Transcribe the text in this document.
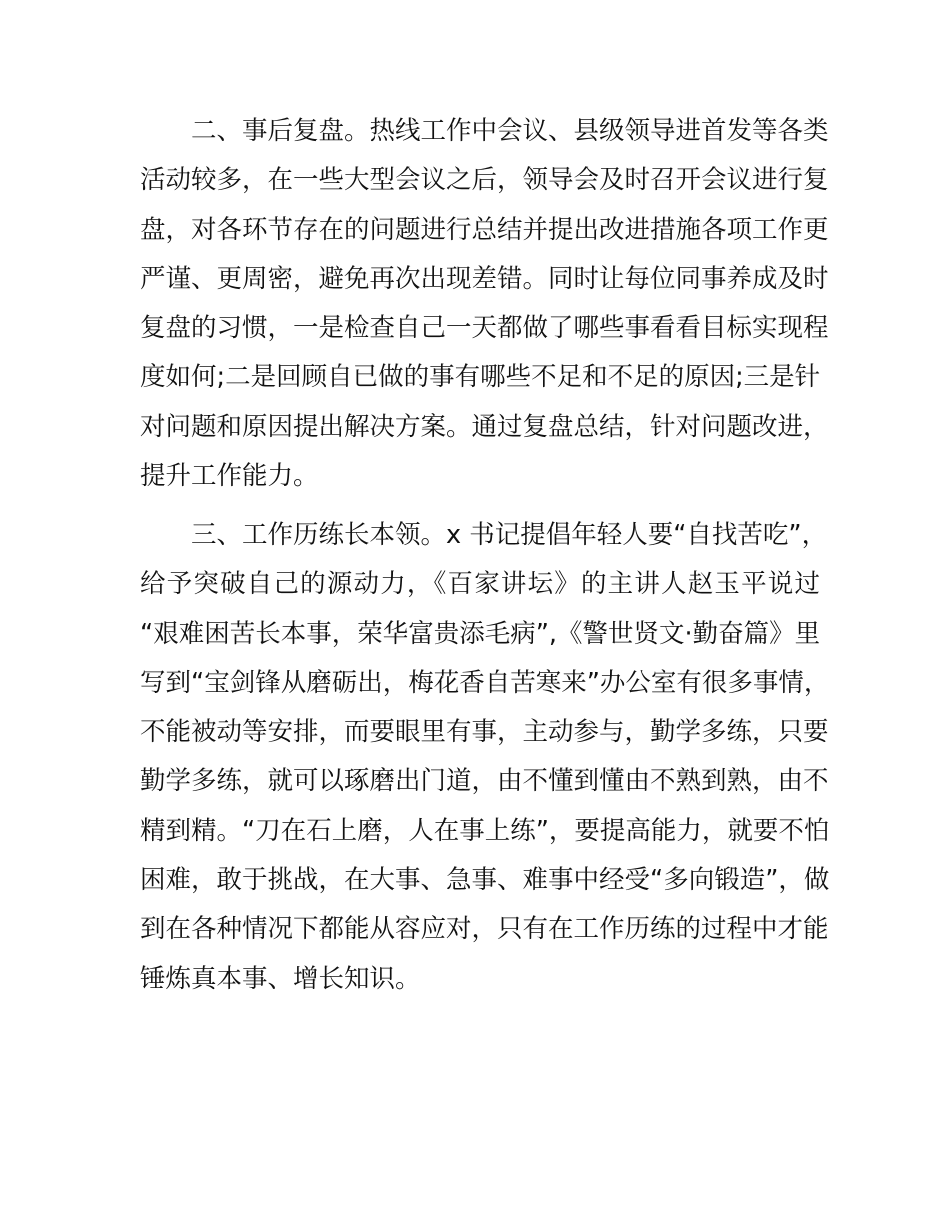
二、事后复盘。热线工作中会议、县级领导进首发等各类
活动较多，在一些大型会议之后，领导会及时召开会议进行复
盘，对各环节存在的问题进行总结并提出改进措施各项工作更
严谨、更周密，避免再次出现差错。同时让每位同事养成及时
复盘的习惯，一是检查自己一天都做了哪些事看看目标实现程
度如何;二是回顾自已做的事有哪些不足和不足的原因;三是针
对问题和原因提出解决方案。通过复盘总结，针对问题改进，
提升工作能力。

三、工作历练长本领。x 书记提倡年轻人要“自找苦吃”，
给予突破自己的源动力，《百家讲坛》的主讲人赵玉平说过
“艰难困苦长本事，荣华富贵添毛病”,《警世贤文·勤奋篇》里
写到“宝剑锋从磨砺出，梅花香自苦寒来”办公室有很多事情，
不能被动等安排，而要眼里有事，主动参与，勤学多练，只要
勤学多练，就可以琢磨出门道，由不懂到懂由不熟到熟，由不
精到精。“刀在石上磨，人在事上练”，要提高能力，就要不怕
困难，敢于挑战，在大事、急事、难事中经受“多向锻造”，做
到在各种情况下都能从容应对，只有在工作历练的过程中才能
锤炼真本事、增长知识。
